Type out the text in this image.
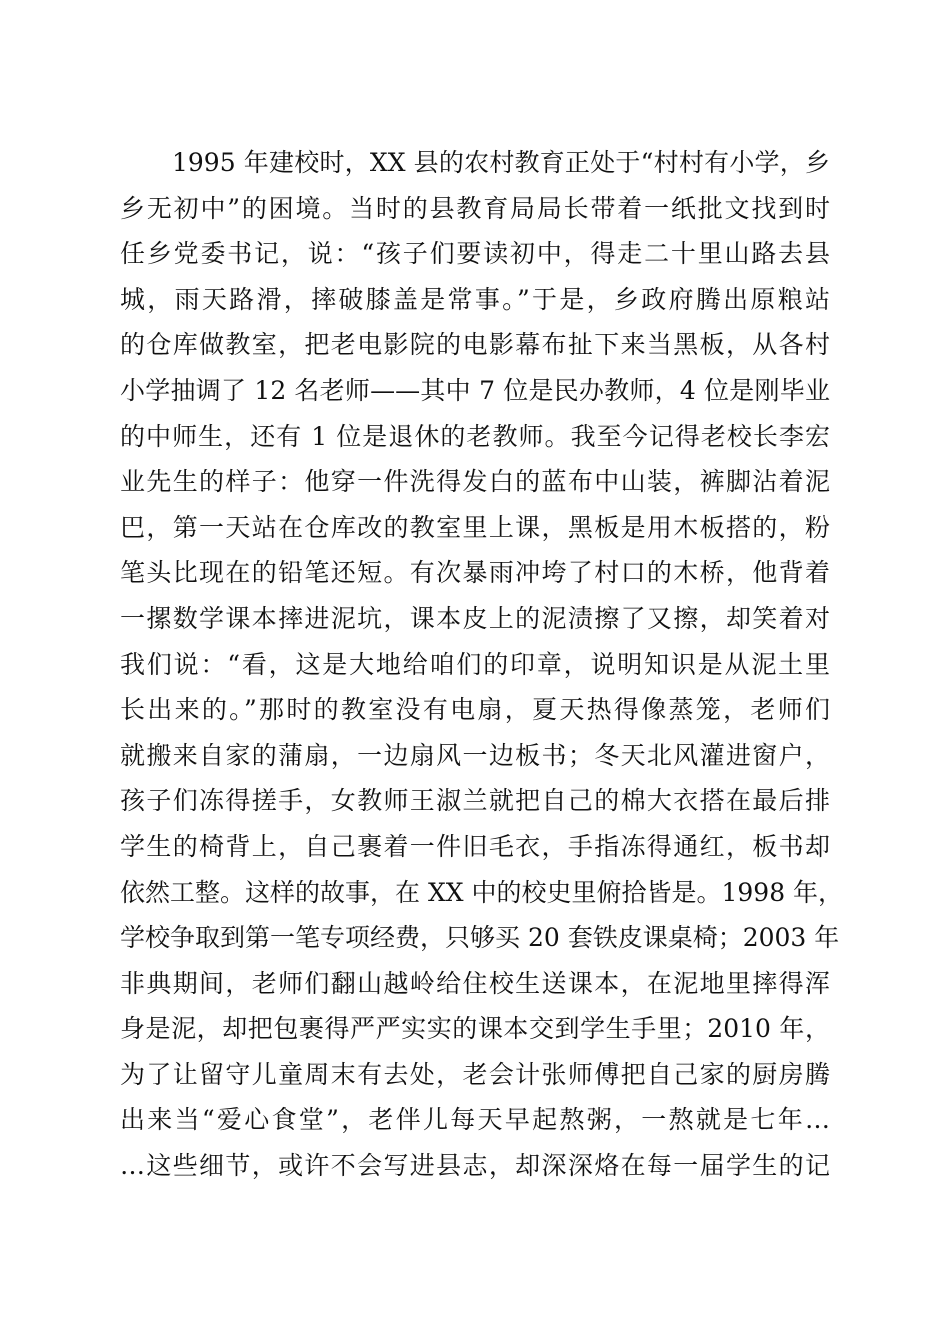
1995 年建校时，XX 县的农村教育正处于“村村有小学，乡
乡无初中”的困境。当时的县教育局局长带着一纸批文找到时
任乡党委书记，说：“孩子们要读初中，得走二十里山路去县
城，雨天路滑，摔破膝盖是常事。”于是，乡政府腾出原粮站
的仓库做教室，把老电影院的电影幕布扯下来当黑板，从各村
小学抽调了 12 名老师——其中 7 位是民办教师，4 位是刚毕业
的中师生，还有 1 位是退休的老教师。我至今记得老校长李宏
业先生的样子：他穿一件洗得发白的蓝布中山装，裤脚沾着泥
巴，第一天站在仓库改的教室里上课，黑板是用木板搭的，粉
笔头比现在的铅笔还短。有次暴雨冲垮了村口的木桥，他背着
一摞数学课本摔进泥坑，课本皮上的泥渍擦了又擦，却笑着对
我们说：“看，这是大地给咱们的印章，说明知识是从泥土里
长出来的。”那时的教室没有电扇，夏天热得像蒸笼，老师们
就搬来自家的蒲扇，一边扇风一边板书；冬天北风灌进窗户，
孩子们冻得搓手，女教师王淑兰就把自己的棉大衣搭在最后排
学生的椅背上，自己裹着一件旧毛衣，手指冻得通红，板书却
依然工整。这样的故事，在 XX 中的校史里俯拾皆是。1998 年，
学校争取到第一笔专项经费，只够买 20 套铁皮课桌椅；2003 年
非典期间，老师们翻山越岭给住校生送课本，在泥地里摔得浑
身是泥，却把包裹得严严实实的课本交到学生手里；2010 年，
为了让留守儿童周末有去处，老会计张师傅把自己家的厨房腾
出来当“爱心食堂”，老伴儿每天早起熬粥，一熬就是七年…
…这些细节，或许不会写进县志，却深深烙在每一届学生的记
